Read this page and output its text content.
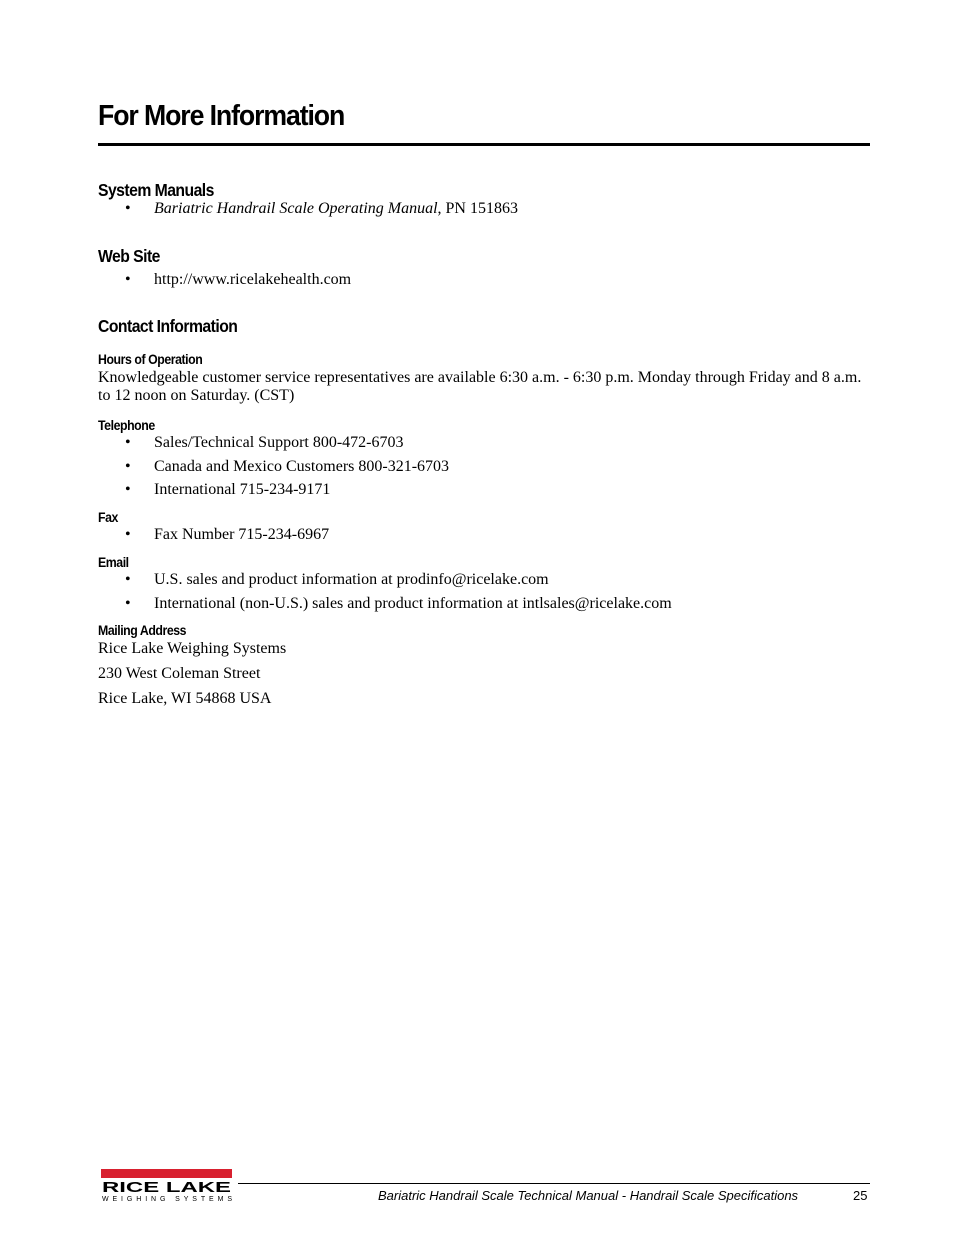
For More Information
System Manuals
• Bariatric Handrail Scale Operating Manual, PN 151863
Web Site
• http://www.ricelakehealth.com
Contact Information
Hours of Operation

Knowledgeable customer service representatives are available 6:30 a.m. - 6:30 p.m. Monday through Friday and 8 a.m. to 12 noon on Saturday. (CST)

Telephone
• Sales/Technical Support 800-472-6703
• Canada and Mexico Customers 800-321-6703
• International 715-234-9171
Fax
• Fax Number 715-234-6967
Email
• U.S. sales and product information at prodinfo@ricelake.com
• International (non-U.S.) sales and product information at intlsales@ricelake.com
Mailing Address

Rice Lake Weighing Systems

230 West Coleman Street

Rice Lake, WI 54868 USA

RICE LAKE
WEIGHING SYSTEMS	Bariatric Handrail Scale Technical Manual - Handrail Scale Specifications	25
